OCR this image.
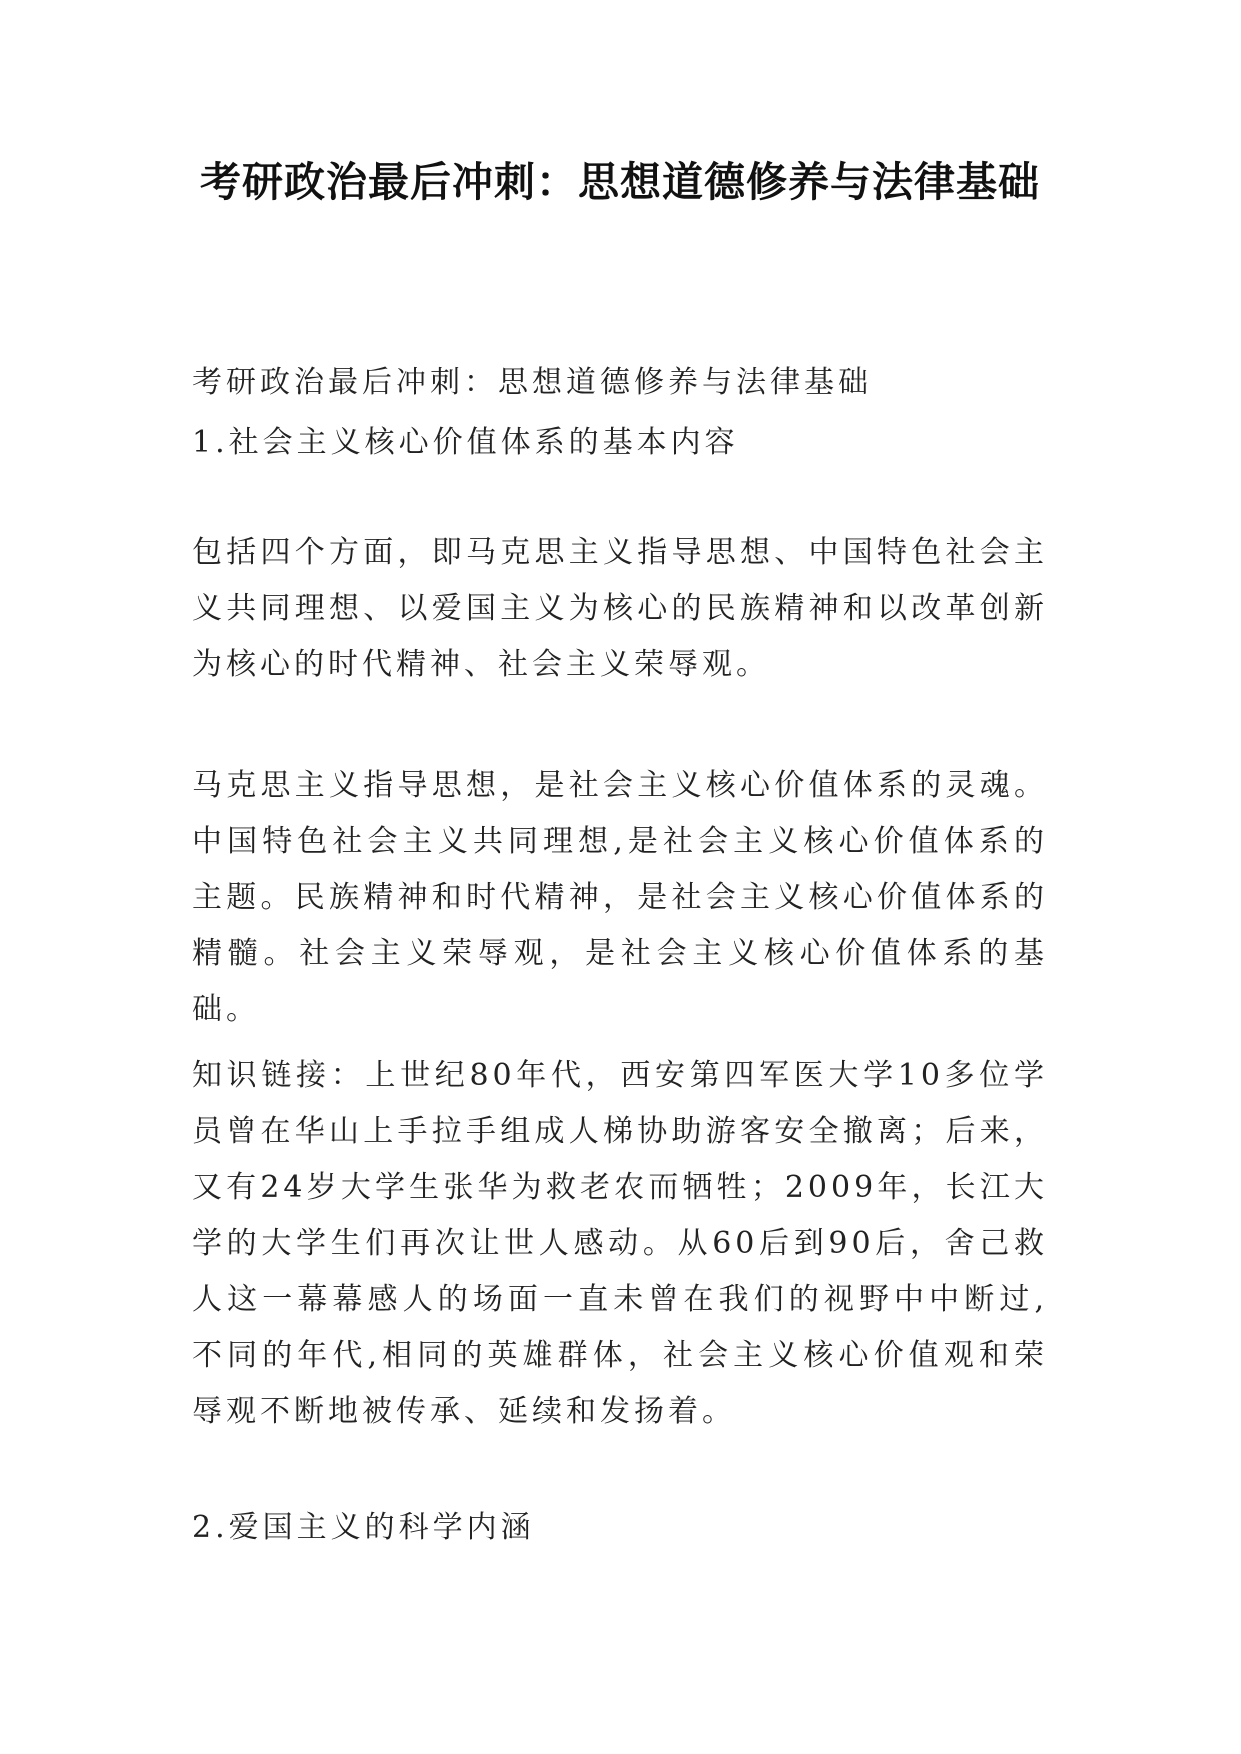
考研政治最后冲刺：思想道德修养与法律基础

考研政治最后冲刺：思想道德修养与法律基础

1.社会主义核心价值体系的基本内容

包括四个方面，即马克思主义指导思想、中国特色社会主义共同理想、以爱国主义为核心的民族精神和以改革创新为核心的时代精神、社会主义荣辱观。

马克思主义指导思想，是社会主义核心价值体系的灵魂。中国特色社会主义共同理想,是社会主义核心价值体系的主题。民族精神和时代精神，是社会主义核心价值体系的精髓。社会主义荣辱观，是社会主义核心价值体系的基础。

知识链接：上世纪80年代，西安第四军医大学10多位学员曾在华山上手拉手组成人梯协助游客安全撤离；后来，又有24岁大学生张华为救老农而牺牲；2009年，长江大学的大学生们再次让世人感动。从60后到90后，舍己救人这一幕幕感人的场面一直未曾在我们的视野中中断过,不同的年代,相同的英雄群体，社会主义核心价值观和荣辱观不断地被传承、延续和发扬着。

2.爱国主义的科学内涵
